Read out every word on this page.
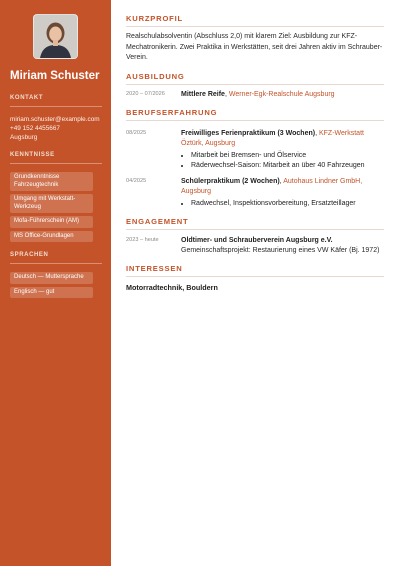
Miriam Schuster
KONTAKT
miriam.schuster@example.com
+49 152 4455667
Augsburg
KENNTNISSE
Grundkenntnisse Fahrzeugtechnik
Umgang mit Werkstatt-Werkzeug
Mofa-Führerschein (AM)
MS Office-Grundlagen
SPRACHEN
Deutsch — Muttersprache
Englisch — gut
KURZPROFIL
Realschulabsolventin (Abschluss 2,0) mit klarem Ziel: Ausbildung zur KFZ-Mechatronikerin. Zwei Praktika in Werkstätten, seit drei Jahren aktiv im Schrauber-Verein.
AUSBILDUNG
2020 – 07/2026	Mittlere Reife, Werner-Egk-Realschule Augsburg
BERUFSERFAHRUNG
08/2025	Freiwilliges Ferienpraktikum (3 Wochen), KFZ-Werkstatt Öztürk, Augsburg
• Mitarbeit bei Bremsen- und Ölservice
• Räderwechsel-Saison: Mitarbeit an über 40 Fahrzeugen
04/2025	Schülerpraktikum (2 Wochen), Autohaus Lindner GmbH, Augsburg
• Radwechsel, Inspektionsvorbereitung, Ersatzteillager
ENGAGEMENT
2023 – heute	Oldtimer- und Schrauberverein Augsburg e.V.
Gemeinschaftsprojekt: Restaurierung eines VW Käfer (Bj. 1972)
INTERESSEN
Motorradtechnik, Bouldern
